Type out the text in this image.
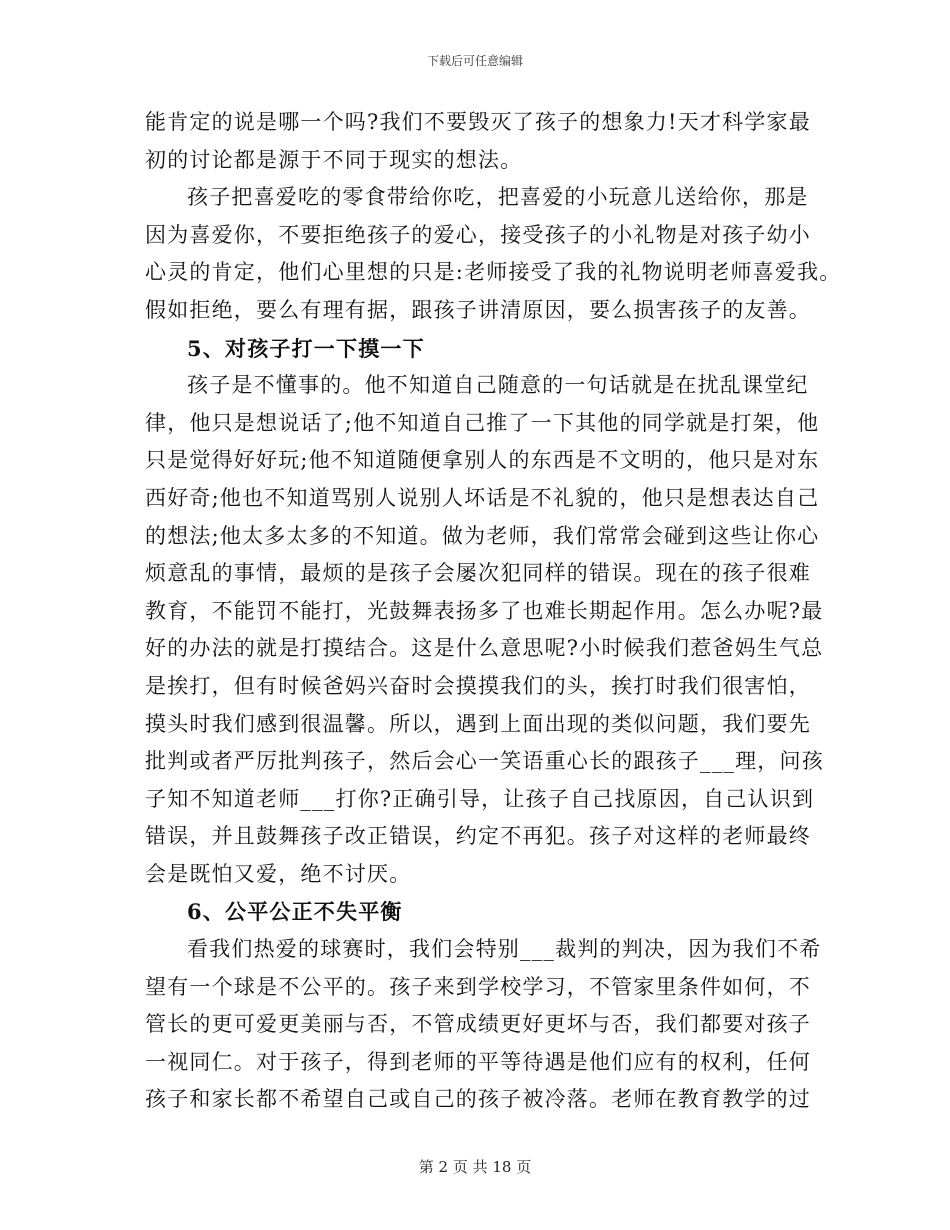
下载后可任意编辑
能肯定的说是哪一个吗?我们不要毁灭了孩子的想象力!天才科学家最
初的讨论都是源于不同于现实的想法。
孩子把喜爱吃的零食带给你吃，把喜爱的小玩意儿送给你，那是
因为喜爱你，不要拒绝孩子的爱心，接受孩子的小礼物是对孩子幼小
心灵的肯定，他们心里想的只是:老师接受了我的礼物说明老师喜爱我。
假如拒绝，要么有理有据，跟孩子讲清原因，要么损害孩子的友善。
5、对孩子打一下摸一下
孩子是不懂事的。他不知道自己随意的一句话就是在扰乱课堂纪
律，他只是想说话了;他不知道自己推了一下其他的同学就是打架，他
只是觉得好好玩;他不知道随便拿别人的东西是不文明的，他只是对东
西好奇;他也不知道骂别人说别人坏话是不礼貌的，他只是想表达自己
的想法;他太多太多的不知道。做为老师，我们常常会碰到这些让你心
烦意乱的事情，最烦的是孩子会屡次犯同样的错误。现在的孩子很难
教育，不能罚不能打，光鼓舞表扬多了也难长期起作用。怎么办呢?最
好的办法的就是打摸结合。这是什么意思呢?小时候我们惹爸妈生气总
是挨打，但有时候爸妈兴奋时会摸摸我们的头，挨打时我们很害怕，
摸头时我们感到很温馨。所以，遇到上面出现的类似问题，我们要先
批判或者严厉批判孩子，然后会心一笑语重心长的跟孩子___理，问孩
子知不知道老师___打你?正确引导，让孩子自己找原因，自己认识到
错误，并且鼓舞孩子改正错误，约定不再犯。孩子对这样的老师最终
会是既怕又爱，绝不讨厌。
6、公平公正不失平衡
看我们热爱的球赛时，我们会特别___裁判的判决，因为我们不希
望有一个球是不公平的。孩子来到学校学习，不管家里条件如何，不
管长的更可爱更美丽与否，不管成绩更好更坏与否，我们都要对孩子
一视同仁。对于孩子，得到老师的平等待遇是他们应有的权利，任何
孩子和家长都不希望自己或自己的孩子被冷落。老师在教育教学的过
第 2 页 共 18 页
